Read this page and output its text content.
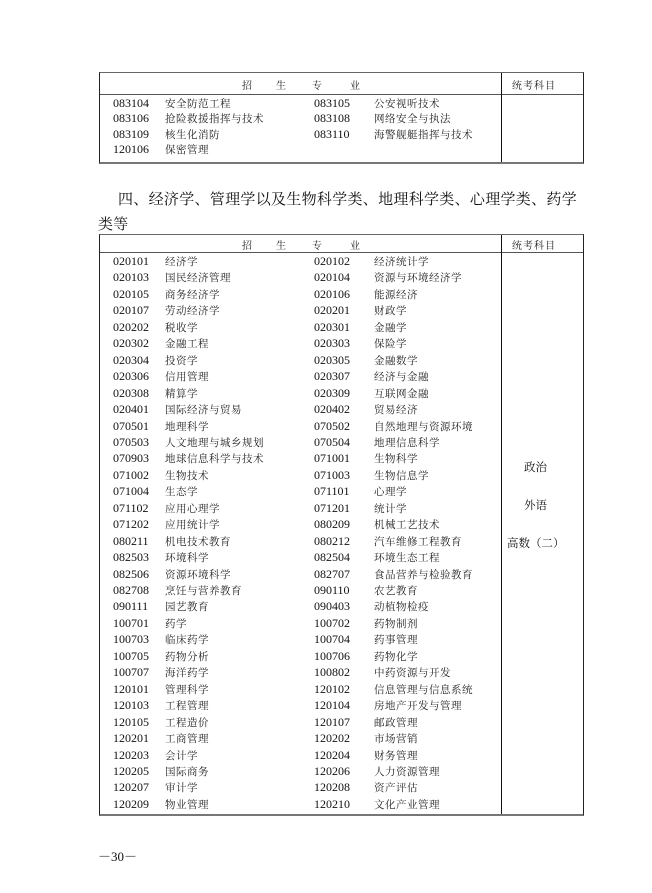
招 生	专	业	统考科目
083104 安全防范工程	083105 公安视听技术
083106 抢险救援指挥与技术	083108 网络安全与执法
083109 核生化消防	083110 海警舰艇指挥与技术
120106 保密管理
四、经济学、管理学以及生物科学类、地理科学类、心理学类、药学
类等
招 生	专	业	统考科目
政治
外语
高数（二）
020101 经济学	020102 经济统计学
020103 国民经济管理	020104 资源与环境经济学
020105 商务经济学	020106 能源经济
020107 劳动经济学	020201 财政学
020202 税收学	020301 金融学
020302 金融工程	020303 保险学
020304 投资学	020305 金融数学
020306 信用管理	020307 经济与金融
020308 精算学	020309 互联网金融
020401 国际经济与贸易	020402 贸易经济
070501 地理科学	070502 自然地理与资源环境
070503 人文地理与城乡规划	070504 地理信息科学
070903 地球信息科学与技术	071001 生物科学
071002 生物技术	071003 生物信息学
071004 生态学	071101 心理学
071102 应用心理学	071201 统计学
071202 应用统计学	080209 机械工艺技术
080211 机电技术教育	080212 汽车维修工程教育
082503 环境科学	082504 环境生态工程
082506 资源环境科学	082707 食品营养与检验教育
082708 烹饪与营养教育	090110 农艺教育
090111 园艺教育	090403 动植物检疫
100701 药学	100702 药物制剂
100703 临床药学	100704 药事管理
100705 药物分析	100706 药物化学
100707 海洋药学	100802 中药资源与开发
120101 管理科学	120102 信息管理与信息系统
120103 工程管理	120104 房地产开发与管理
120105 工程造价	120107 邮政管理
120201 工商管理	120202 市场营销
120203 会计学	120204 财务管理
120205 国际商务	120206 人力资源管理
120207 审计学	120208 资产评估
120209 物业管理	120210 文化产业管理
－30－
